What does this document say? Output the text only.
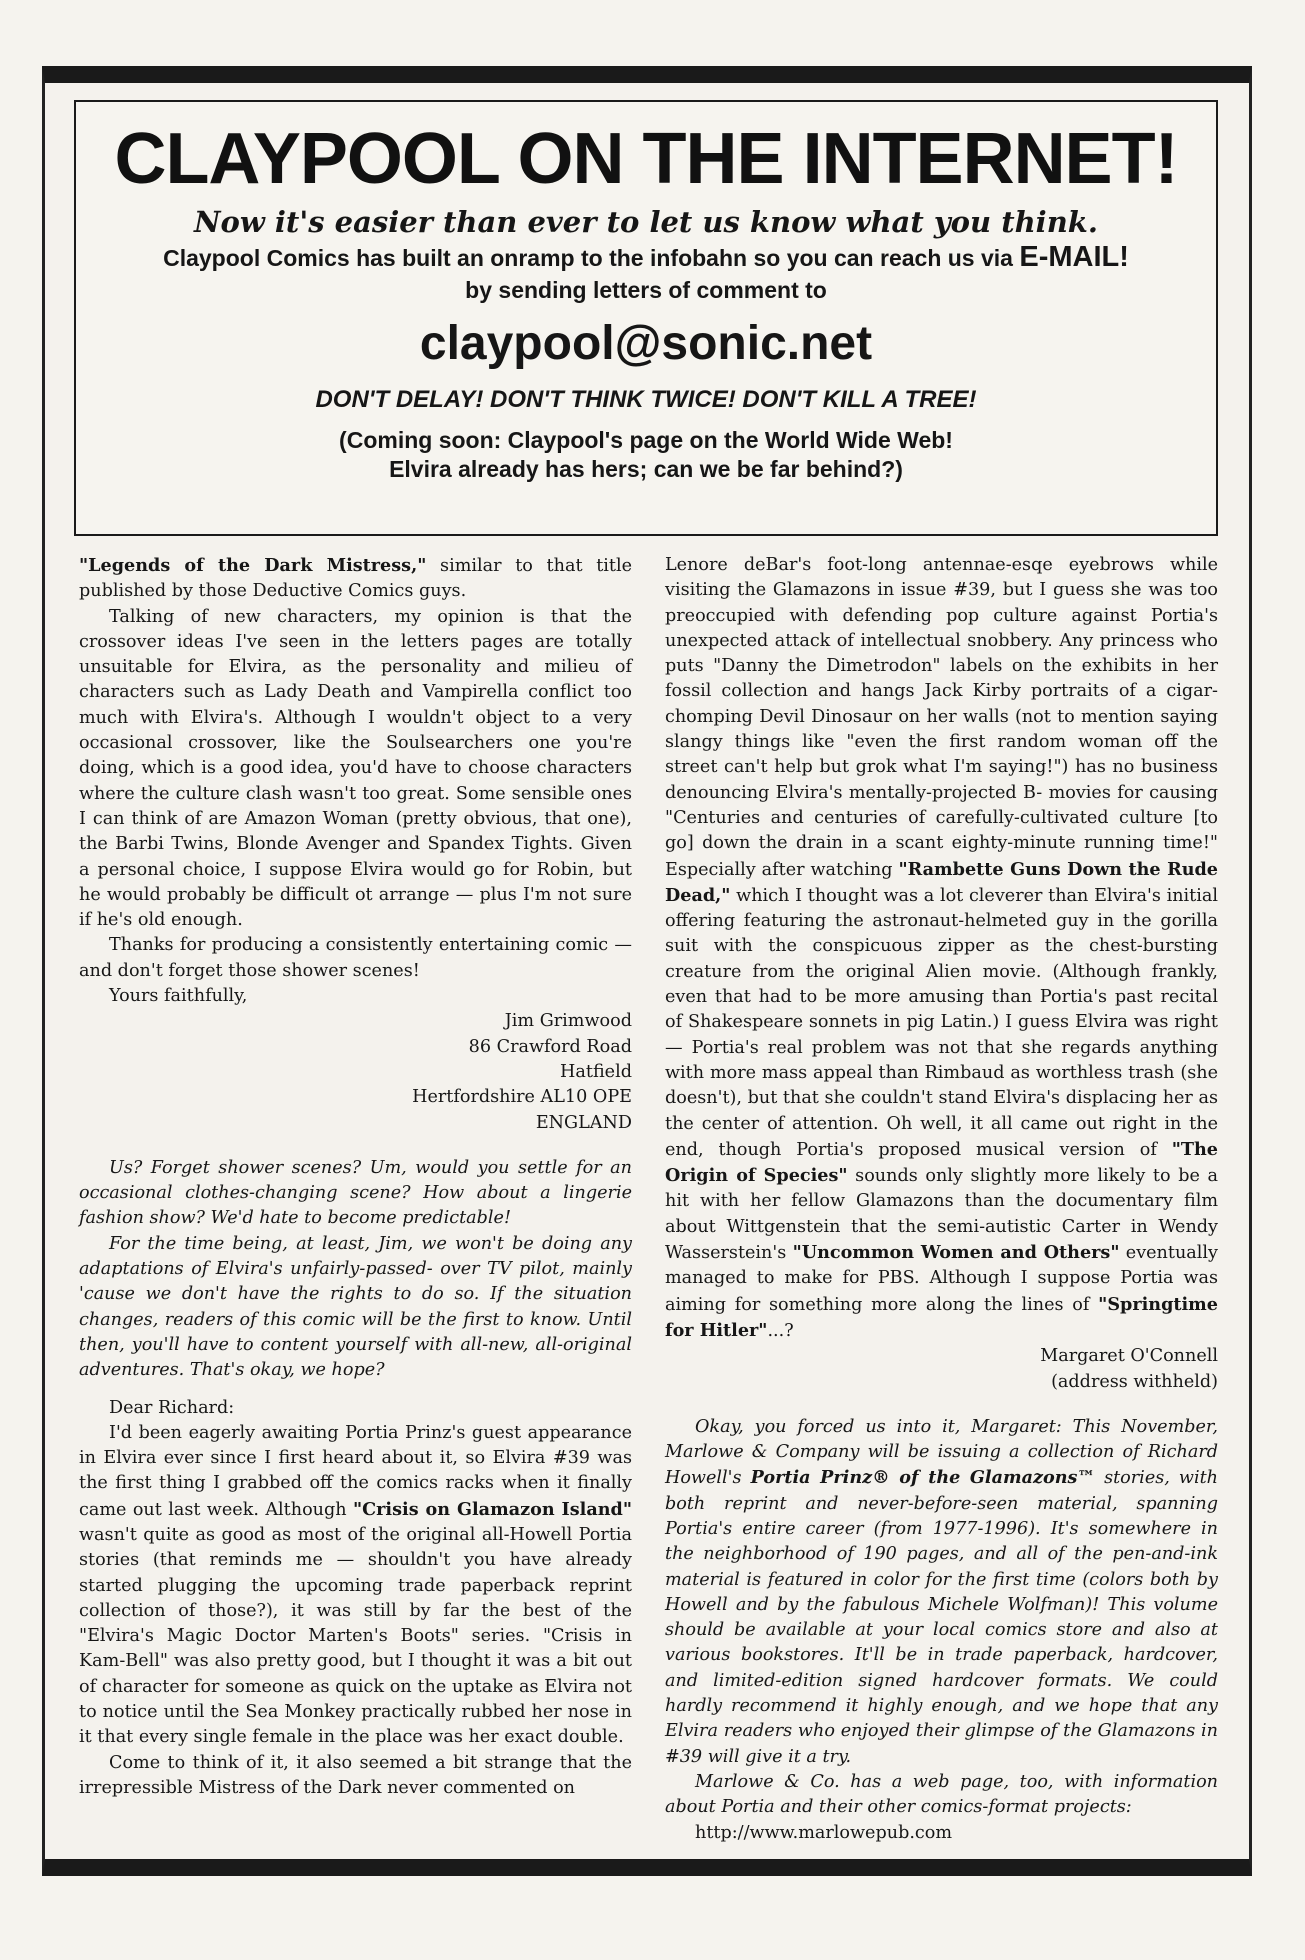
CLAYPOOL ON THE INTERNET!
Now it's easier than ever to let us know what you think.
Claypool Comics has built an onramp to the infobahn so you can reach us via E-MAIL!
by sending letters of comment to
claypool@sonic.net
DON'T DELAY! DON'T THINK TWICE! DON'T KILL A TREE!
(Coming soon: Claypool's page on the World Wide Web!
Elvira already has hers; can we be far behind?)

"Legends of the Dark Mistress," similar to that title published by those Deductive Comics guys.

Talking of new characters, my opinion is that the crossover ideas I've seen in the letters pages are totally unsuitable for Elvira, as the personality and milieu of characters such as Lady Death and Vampirella conflict too much with Elvira's. Although I wouldn't object to a very occasional crossover, like the Soulsearchers one you're doing, which is a good idea, you'd have to choose characters where the culture clash wasn't too great. Some sensible ones I can think of are Amazon Woman (pretty obvious, that one), the Barbi Twins, Blonde Avenger and Spandex Tights. Given a personal choice, I suppose Elvira would go for Robin, but he would probably be difficult ot arrange — plus I'm not sure if he's old enough.

Thanks for producing a consistently entertaining comic — and don't forget those shower scenes!

Yours faithfully,

Jim Grimwood

86 Crawford Road

Hatfield

Hertfordshire AL10 OPE

ENGLAND

Us? Forget shower scenes? Um, would you settle for an occasional clothes-changing scene? How about a lingerie fashion show? We'd hate to become predictable!

For the time being, at least, Jim, we won't be doing any adaptations of Elvira's unfairly-passed- over TV pilot, mainly 'cause we don't have the rights to do so. If the situation changes, readers of this comic will be the first to know. Until then, you'll have to content yourself with all-new, all-original adventures. That's okay, we hope?

Dear Richard:

I'd been eagerly awaiting Portia Prinz's guest appearance in Elvira ever since I first heard about it, so Elvira #39 was the first thing I grabbed off the comics racks when it finally came out last week. Although "Crisis on Glamazon Island" wasn't quite as good as most of the original all-Howell Portia stories (that reminds me — shouldn't you have already started plugging the upcoming trade paperback reprint collection of those?), it was still by far the best of the "Elvira's Magic Doctor Marten's Boots" series. "Crisis in Kam-Bell" was also pretty good, but I thought it was a bit out of character for someone as quick on the uptake as Elvira not to notice until the Sea Monkey practically rubbed her nose in it that every single female in the place was her exact double.

Come to think of it, it also seemed a bit strange that the irrepressible Mistress of the Dark never commented on

Lenore deBar's foot-long antennae-esqe eyebrows while visiting the Glamazons in issue #39, but I guess she was too preoccupied with defending pop culture against Portia's unexpected attack of intellectual snobbery. Any princess who puts "Danny the Dimetrodon" labels on the exhibits in her fossil collection and hangs Jack Kirby portraits of a cigar-chomping Devil Dinosaur on her walls (not to mention saying slangy things like "even the first random woman off the street can't help but grok what I'm saying!") has no business denouncing Elvira's mentally-projected B- movies for causing "Centuries and centuries of carefully-cultivated culture [to go] down the drain in a scant eighty-minute running time!" Especially after watching "Rambette Guns Down the Rude Dead," which I thought was a lot cleverer than Elvira's initial offering featuring the astronaut-helmeted guy in the gorilla suit with the conspicuous zipper as the chest-bursting creature from the original Alien movie. (Although frankly, even that had to be more amusing than Portia's past recital of Shakespeare sonnets in pig Latin.) I guess Elvira was right — Portia's real problem was not that she regards anything with more mass appeal than Rimbaud as worthless trash (she doesn't), but that she couldn't stand Elvira's displacing her as the center of attention. Oh well, it all came out right in the end, though Portia's proposed musical version of "The Origin of Species" sounds only slightly more likely to be a hit with her fellow Glamazons than the documentary film about Wittgenstein that the semi-autistic Carter in Wendy Wasserstein's "Uncommon Women and Others" eventually managed to make for PBS. Although I suppose Portia was aiming for something more along the lines of "Springtime for Hitler"...?

Margaret O'Connell

(address withheld)

Okay, you forced us into it, Margaret: This November, Marlowe & Company will be issuing a collection of Richard Howell's Portia Prinz® of the Glamazons™ stories, with both reprint and never-before-seen material, spanning Portia's entire career (from 1977-1996). It's somewhere in the neighborhood of 190 pages, and all of the pen-and-ink material is featured in color for the first time (colors both by Howell and by the fabulous Michele Wolfman)! This volume should be available at your local comics store and also at various bookstores. It'll be in trade paperback, hardcover, and limited-edition signed hardcover formats. We could hardly recommend it highly enough, and we hope that any Elvira readers who enjoyed their glimpse of the Glamazons in #39 will give it a try.

Marlowe & Co. has a web page, too, with information about Portia and their other comics-format projects:

http://www.marlowepub.com
